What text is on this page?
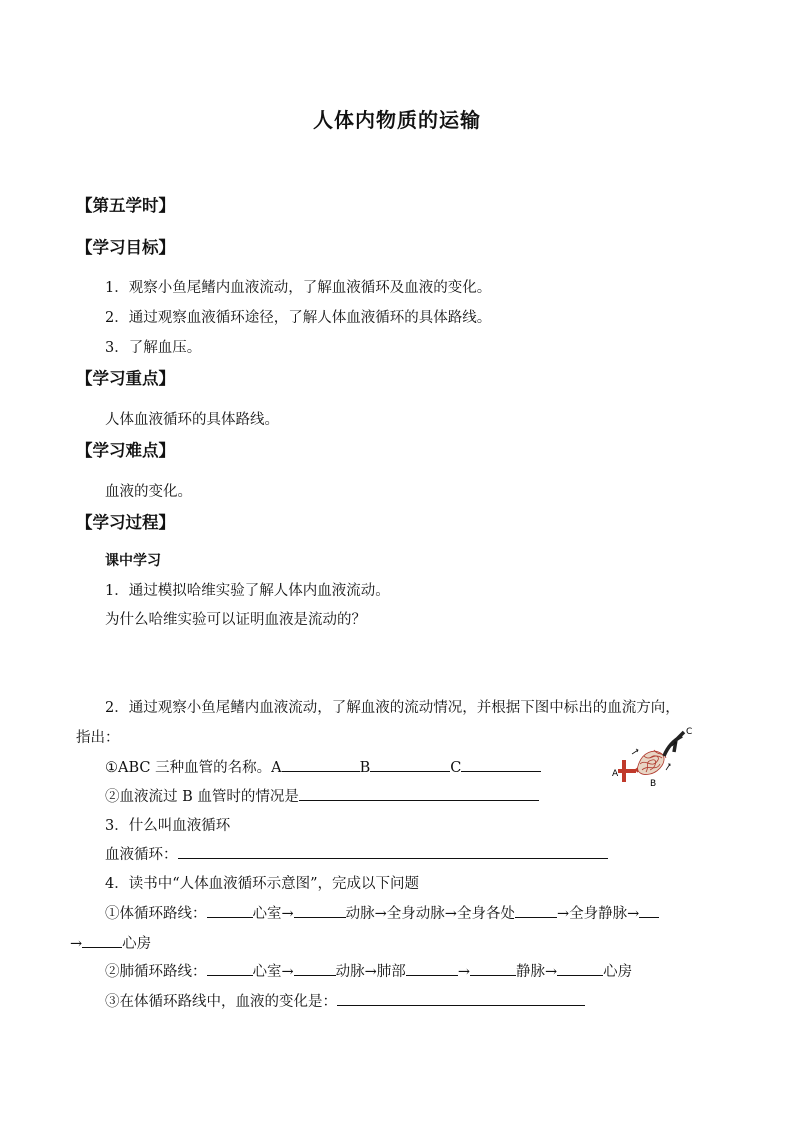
人体内物质的运输
【第五学时】
【学习目标】
1．观察小鱼尾鳍内血液流动，了解血液循环及血液的变化。
2．通过观察血液循环途径，了解人体血液循环的具体路线。
3．了解血压。
【学习重点】
人体血液循环的具体路线。
【学习难点】
血液的变化。
【学习过程】
课中学习
1．通过模拟哈维实验了解人体内血液流动。
为什么哈维实验可以证明血液是流动的？
2．通过观察小鱼尾鳍内血液流动，了解血液的流动情况，并根据下图中标出的血流方向，
指出：
①ABC 三种血管的名称。A	B	C
②血液流过 B 血管时的情况是
A
B
C
3．什么叫血液循环
血液循环：
4．读书中“人体血液循环示意图”，完成以下问题
①体循环路线：	心室→	动脉→全身动脉→全身各处	→全身静脉→
→	心房
②肺循环路线：	心室→	动脉→肺部	→	静脉→	心房
③在体循环路线中，血液的变化是：
